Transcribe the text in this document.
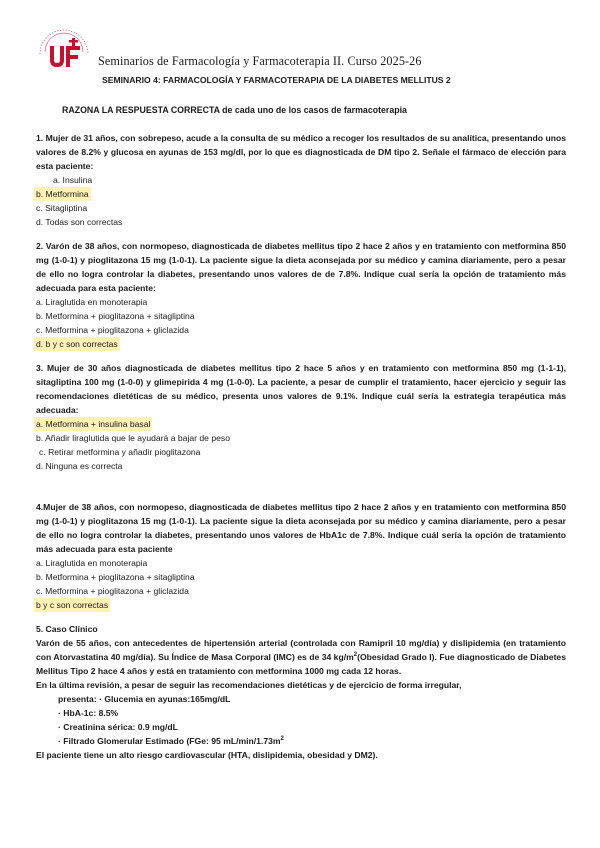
Seminarios de Farmacología y Farmacoterapia II. Curso 2025-26
SEMINARIO 4: FARMACOLOGÍA Y FARMACOTERAPIA DE LA DIABETES MELLITUS 2
RAZONA LA RESPUESTA CORRECTA de cada uno de los casos de farmacoterapia

1. Mujer de 31 años, con sobrepeso, acude a la consulta de su médico a recoger los resultados de su analítica, presentando unos valores de 8.2% y glucosa en ayunas de 153 mg/dl, por lo que es diagnosticada de DM tipo 2. Señale el fármaco de elección para esta paciente:

a. Insulina
b. Metformina
c. Sitagliptina
d. Todas son correctas

2. Varón de 38 años, con normopeso, diagnosticada de diabetes mellitus tipo 2 hace 2 años y en tratamiento con metformina 850 mg (1-0-1) y pioglitazona 15 mg (1-0-1). La paciente sigue la dieta aconsejada por su médico y camina diariamente, pero a pesar de ello no logra controlar la diabetes, presentando unos valores de de 7.8%. Indique cual sería la opción de tratamiento más adecuada para esta paciente:

a. Liraglutida en monoterapia
b. Metformina + pioglitazona + sitagliptina
c. Metformina + pioglitazona + gliclazida
d. b y c son correctas

3. Mujer de 30 años diagnosticada de diabetes mellitus tipo 2 hace 5 años y en tratamiento con metformina 850 mg (1-1-1), sitagliptina 100 mg (1-0-0) y glimepirida 4 mg (1-0-0). La paciente, a pesar de cumplir el tratamiento, hacer ejercicio y seguir las recomendaciones dietéticas de su médico, presenta unos valores de 9.1%. Indique cuál sería la estrategia terapéutica más adecuada:

a. Metformina + insulina basal
b. Añadir liraglutida que le ayudará a bajar de peso
c. Retirar metformina y añadir pioglitazona
d. Ninguna es correcta

4.Mujer de 38 años, con normopeso, diagnosticada de diabetes mellitus tipo 2 hace 2 años y en tratamiento con metformina 850 mg (1-0-1) y pioglitazona 15 mg (1-0-1). La paciente sigue la dieta aconsejada por su médico y camina diariamente, pero a pesar de ello no logra controlar la diabetes, presentando unos valores de HbA1c de 7.8%. Indique cuál sería la opción de tratamiento más adecuada para esta paciente

a. Liraglutida en monoterapia
b. Metformina + pioglitazona + sitagliptina
c. Metformina + pioglitazona + gliclazida
b y c son correctas
5. Caso Clínico

Varón de 55 años, con antecedentes de hipertensión arterial (controlada con Ramipril 10 mg/día) y dislipidemia (en tratamiento con Atorvastatina 40 mg/día). Su Índice de Masa Corporal (IMC) es de 34 $kg/m^2(Obesidad$ Grado I). Fue diagnosticado de Diabetes Mellitus Tipo 2 hace 4 años y está en tratamiento con metformina 1000 mg cada 12 horas.

En la última revisión, a pesar de seguir las recomendaciones dietéticas y de ejercicio de forma irregular,
presenta: · Glucemia en ayunas:165mg/dL
· HbA-1c: 8.5%
· Creatinina sérica: 0.9 mg/dL
· Filtrado Glomerular Estimado (FGe: 95 $mL/\min/1.73m^2$
El paciente tiene un alto riesgo cardiovascular (HTA, dislipidemia, obesidad y DM2).
